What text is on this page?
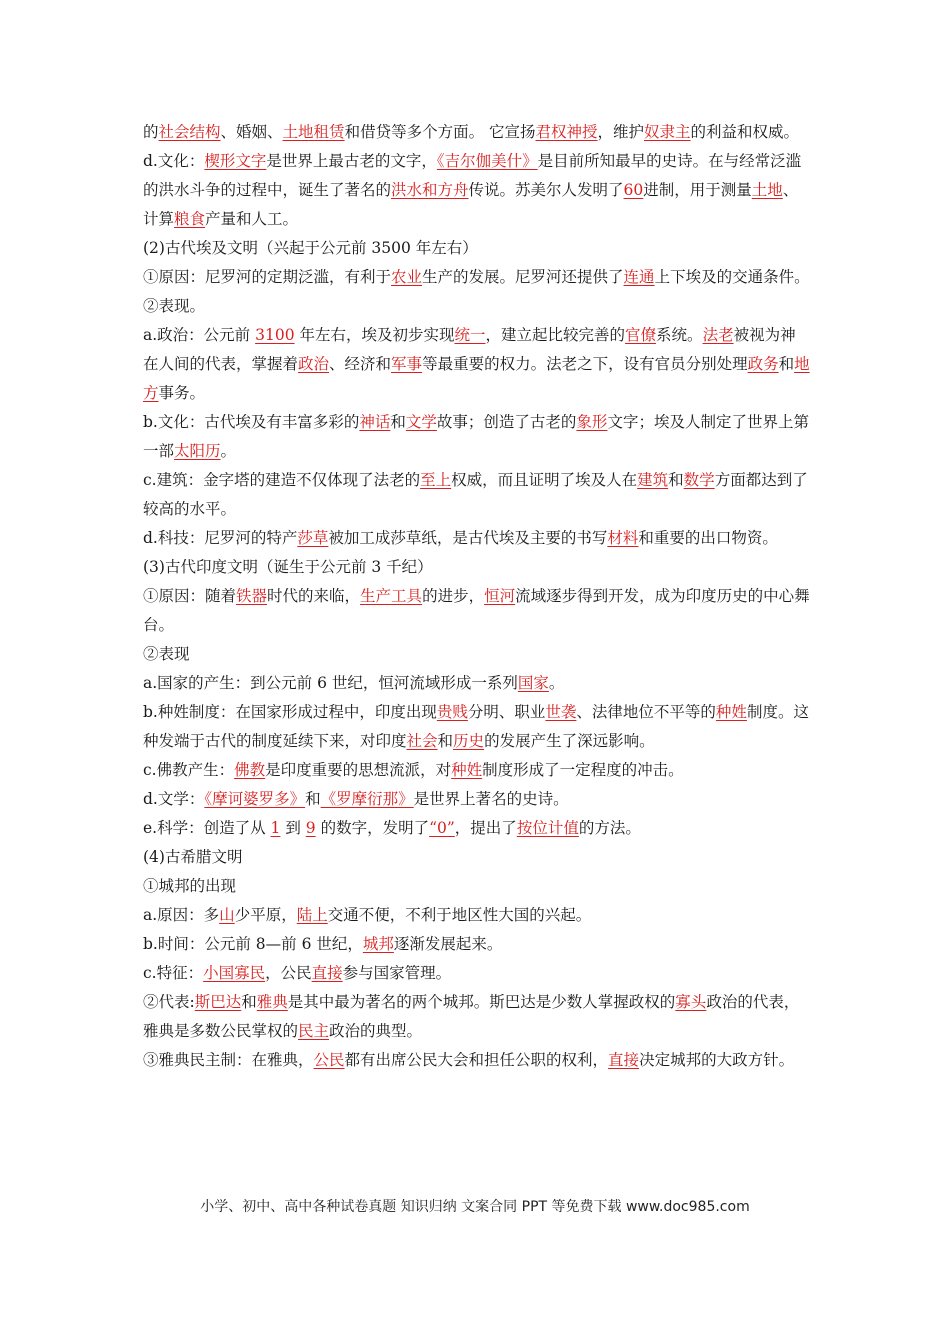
的社会结构、婚姻、土地租赁和借贷等多个方面。 它宣扬君权神授，维护奴隶主的利益和权威。

d.文化：楔形文字是世界上最古老的文字，《吉尔伽美什》是目前所知最早的史诗。在与经常泛滥的洪水斗争的过程中，诞生了著名的洪水和方舟传说。苏美尔人发明了60进制，用于测量土地、计算粮食产量和人工。

(2)古代埃及文明（兴起于公元前 3500 年左右）

①原因：尼罗河的定期泛滥，有利于农业生产的发展。尼罗河还提供了连通上下埃及的交通条件。

②表现。

a.政治：公元前 3100 年左右，埃及初步实现统一，建立起比较完善的官僚系统。法老被视为神在人间的代表，掌握着政治、经济和军事等最重要的权力。法老之下，设有官员分别处理政务和地方事务。

b.文化：古代埃及有丰富多彩的神话和文学故事；创造了古老的象形文字；埃及人制定了世界上第一部太阳历。

c.建筑：金字塔的建造不仅体现了法老的至上权威，而且证明了埃及人在建筑和数学方面都达到了较高的水平。

d.科技：尼罗河的特产莎草被加工成莎草纸，是古代埃及主要的书写材料和重要的出口物资。

(3)古代印度文明（诞生于公元前 3 千纪）

①原因：随着铁器时代的来临，生产工具的进步，恒河流域逐步得到开发，成为印度历史的中心舞台。

②表现

a.国家的产生：到公元前 6 世纪，恒河流域形成一系列国家。

b.种姓制度：在国家形成过程中，印度出现贵贱分明、职业世袭、法律地位不平等的种姓制度。这种发端于古代的制度延续下来，对印度社会和历史的发展产生了深远影响。

c.佛教产生：佛教是印度重要的思想流派，对种姓制度形成了一定程度的冲击。

d.文学：《摩诃婆罗多》和《罗摩衍那》是世界上著名的史诗。

e.科学：创造了从 1 到 9 的数字，发明了“0”，提出了按位计值的方法。

(4)古希腊文明

①城邦的出现

a.原因：多山少平原，陆上交通不便，不利于地区性大国的兴起。

b.时间：公元前 8—前 6 世纪，城邦逐渐发展起来。

c.特征：小国寡民，公民直接参与国家管理。

②代表:斯巴达和雅典是其中最为著名的两个城邦。斯巴达是少数人掌握政权的寡头政治的代表，雅典是多数公民掌权的民主政治的典型。

③雅典民主制：在雅典，公民都有出席公民大会和担任公职的权利，直接决定城邦的大政方针。

小学、初中、高中各种试卷真题 知识归纳 文案合同 PPT 等免费下载 www.doc985.com
